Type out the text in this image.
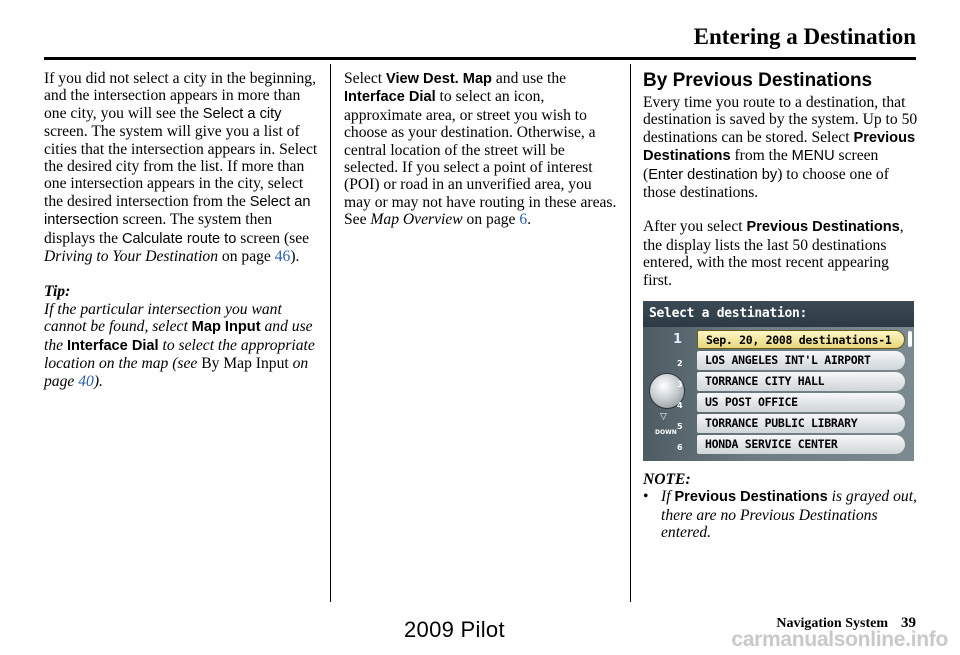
Entering a Destination

If you did not select a city in the beginning, and the intersection appears in more than one city, you will see the Select a city screen. The system will give you a list of cities that the intersection appears in. Select the desired city from the list. If more than one intersection appears in the city, select the desired intersection from the Select an intersection screen. The system then displays the Calculate route to screen (see Driving to Your Destination on page 46).

Tip:

If the particular intersection you want cannot be found, select Map Input and use the Interface Dial to select the appropriate location on the map (see By Map Input on page 40).

Select View Dest. Map and use the Interface Dial to select an icon, approximate area, or street you wish to choose as your destination. Otherwise, a central location of the street will be selected. If you select a point of interest (POI) or road in an unverified area, you may or may not have routing in these areas. See Map Overview on page 6.

By Previous Destinations

Every time you route to a destination, that destination is saved by the system. Up to 50 destinations can be stored. Select Previous Destinations from the MENU screen (Enter destination by) to choose one of those destinations.

After you select Previous Destinations, the display lists the last 50 destinations entered, with the most recent appearing first.

Select a destination:
▽
DOWN
1	Sep. 20, 2008 destinations-1
2	LOS ANGELES INT'L AIRPORT
3	TORRANCE CITY HALL
4	US POST OFFICE
5	TORRANCE PUBLIC LIBRARY
6	HONDA SERVICE CENTER

NOTE:

• If Previous Destinations is grayed out, there are no Previous Destinations entered.
Navigation System 39
2009 Pilot	carmanualsonline.info
